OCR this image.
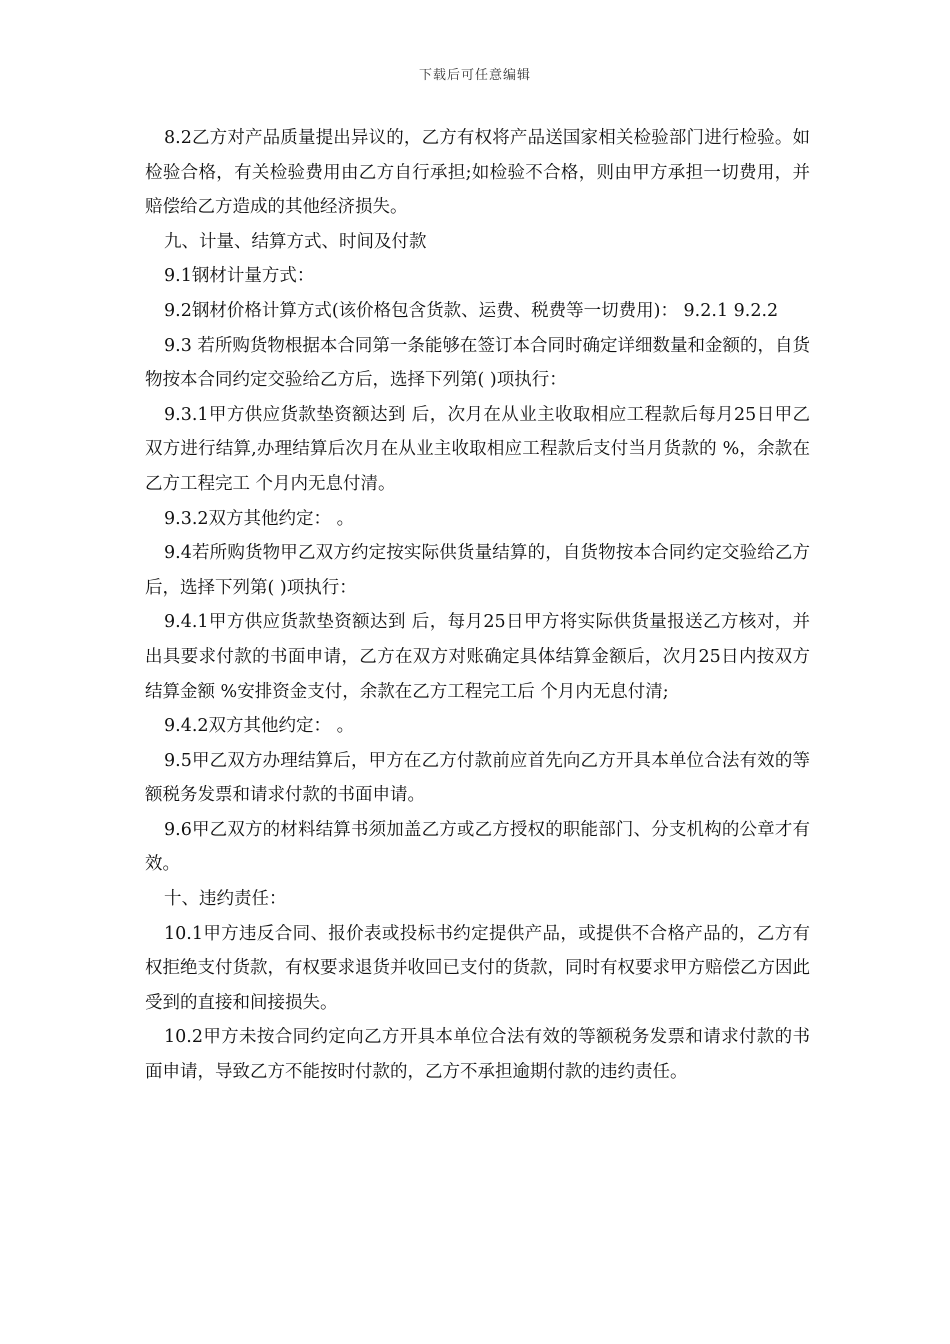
下载后可任意编辑

8.2乙方对产品质量提出异议的，乙方有权将产品送国家相关检验部门进行检验。如检验合格，有关检验费用由乙方自行承担;如检验不合格，则由甲方承担一切费用，并赔偿给乙方造成的其他经济损失。

九、计量、结算方式、时间及付款

9.1钢材计量方式：

9.2钢材价格计算方式(该价格包含货款、运费、税费等一切费用)： 9.2.1 9.2.2

9.3 若所购货物根据本合同第一条能够在签订本合同时确定详细数量和金额的，自货物按本合同约定交验给乙方后，选择下列第( )项执行：

9.3.1甲方供应货款垫资额达到 后，次月在从业主收取相应工程款后每月25日甲乙双方进行结算,办理结算后次月在从业主收取相应工程款后支付当月货款的 %，余款在乙方工程完工 个月内无息付清。

9.3.2双方其他约定： 。

9.4若所购货物甲乙双方约定按实际供货量结算的，自货物按本合同约定交验给乙方后，选择下列第( )项执行：

9.4.1甲方供应货款垫资额达到 后，每月25日甲方将实际供货量报送乙方核对，并出具要求付款的书面申请，乙方在双方对账确定具体结算金额后，次月25日内按双方结算金额 %安排资金支付，余款在乙方工程完工后 个月内无息付清;

9.4.2双方其他约定： 。

9.5甲乙双方办理结算后，甲方在乙方付款前应首先向乙方开具本单位合法有效的等额税务发票和请求付款的书面申请。

9.6甲乙双方的材料结算书须加盖乙方或乙方授权的职能部门、分支机构的公章才有效。

十、违约责任：

10.1甲方违反合同、报价表或投标书约定提供产品，或提供不合格产品的，乙方有权拒绝支付货款，有权要求退货并收回已支付的货款，同时有权要求甲方赔偿乙方因此受到的直接和间接损失。

10.2甲方未按合同约定向乙方开具本单位合法有效的等额税务发票和请求付款的书面申请，导致乙方不能按时付款的，乙方不承担逾期付款的违约责任。
